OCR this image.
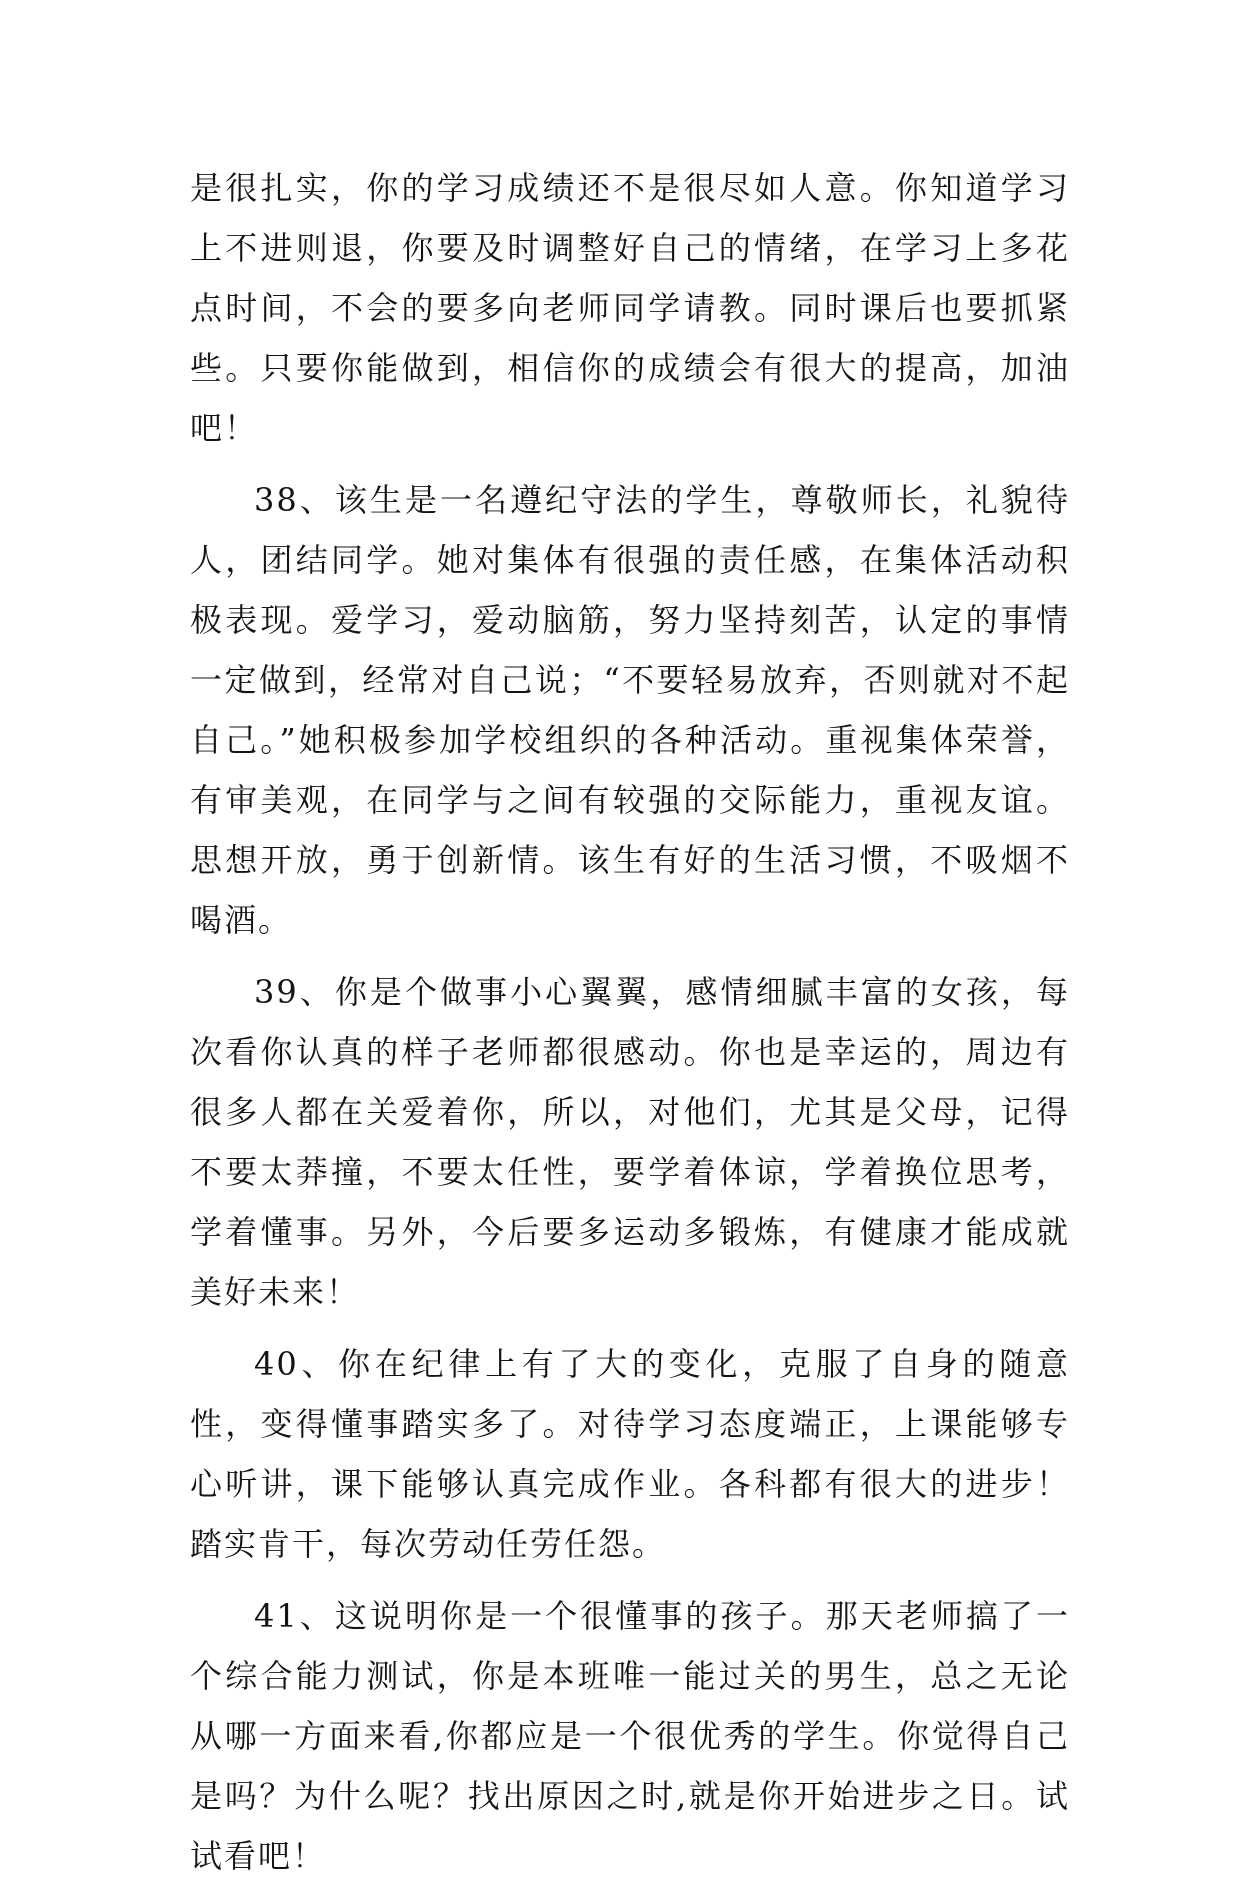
是很扎实，你的学习成绩还不是很尽如人意。你知道学习上不进则退，你要及时调整好自己的情绪，在学习上多花点时间，不会的要多向老师同学请教。同时课后也要抓紧些。只要你能做到，相信你的成绩会有很大的提高，加油吧！

38、该生是一名遵纪守法的学生，尊敬师长，礼貌待人，团结同学。她对集体有很强的责任感，在集体活动积极表现。爱学习，爱动脑筋，努力坚持刻苦，认定的事情一定做到，经常对自己说；“不要轻易放弃，否则就对不起自己。”她积极参加学校组织的各种活动。重视集体荣誉，有审美观，在同学与之间有较强的交际能力，重视友谊。思想开放，勇于创新情。该生有好的生活习惯，不吸烟不喝酒。

39、你是个做事小心翼翼，感情细腻丰富的女孩，每次看你认真的样子老师都很感动。你也是幸运的，周边有很多人都在关爱着你，所以，对他们，尤其是父母，记得不要太莽撞，不要太任性，要学着体谅，学着换位思考，学着懂事。另外，今后要多运动多锻炼，有健康才能成就美好未来！

40、你在纪律上有了大的变化，克服了自身的随意性，变得懂事踏实多了。对待学习态度端正，上课能够专心听讲，课下能够认真完成作业。各科都有很大的进步！踏实肯干，每次劳动任劳任怨。

41、这说明你是一个很懂事的孩子。那天老师搞了一个综合能力测试，你是本班唯一能过关的男生，总之无论从哪一方面来看,你都应是一个很优秀的学生。你觉得自己是吗？为什么呢？找出原因之时,就是你开始进步之日。试试看吧！
